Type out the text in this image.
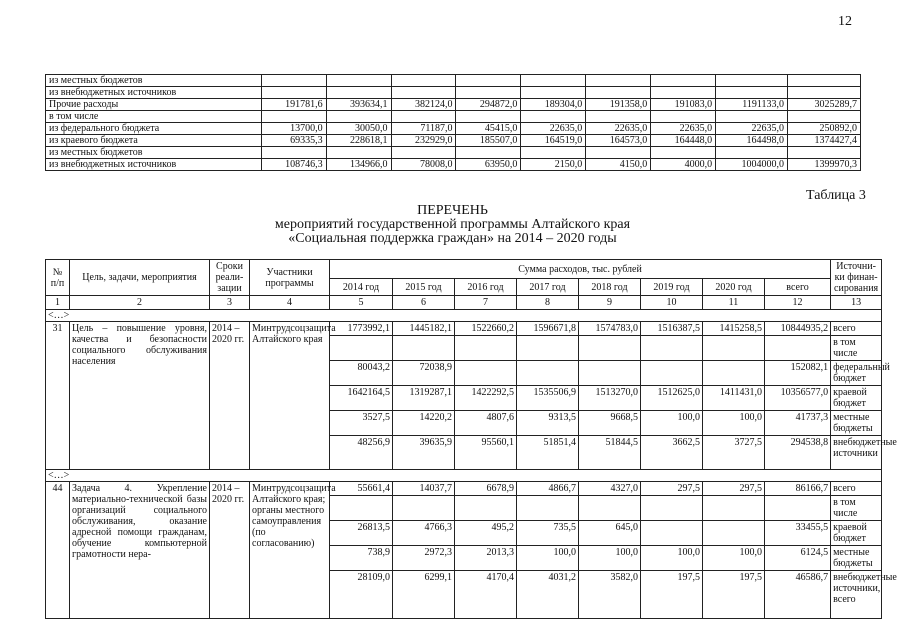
12
из местных бюджетов									
из внебюджетных источников									
Прочие расходы	191781,6	393634,1	382124,0	294872,0	189304,0	191358,0	191083,0	1191133,0	3025289,7
в том числе									
из федерального бюджета	13700,0	30050,0	71187,0	45415,0	22635,0	22635,0	22635,0	22635,0	250892,0
из краевого бюджета	69335,3	228618,1	232929,0	185507,0	164519,0	164573,0	164448,0	164498,0	1374427,4
из местных бюджетов									
из внебюджетных источников	108746,3	134966,0	78008,0	63950,0	2150,0	4150,0	4000,0	1004000,0	1399970,3
Таблица 3
ПЕРЕЧЕНЬ
мероприятий государственной программы Алтайского края
«Социальная поддержка граждан» на 2014 – 2020 годы
№ п/п	Цель, задачи, мероприятия	Сроки реали-зации	Участники программы	Сумма расходов, тыс. рублей								Источни-ки финан-сирования
				2014 год	2015 год	2016 год	2017 год	2018 год	2019 год	2020 год	всего	
1	2	3	4	5	6	7	8	9	10	11	12	13
<…>												
31	Цель – повышение уровня, качества и безопасности социального обслуживания населения	2014 – 2020 гг.	Минтрудсоцзащита Алтайского края	1773992,1	1445182,1	1522660,2	1596671,8	1574783,0	1516387,5	1415258,5	10844935,2	всего
												в том числе
				80043,2	72038,9						152082,1	федеральный бюджет
				1642164,5	1319287,1	1422292,5	1535506,9	1513270,0	1512625,0	1411431,0	10356577,0	краевой бюджет
				3527,5	14220,2	4807,6	9313,5	9668,5	100,0	100,0	41737,3	местные бюджеты
				48256,9	39635,9	95560,1	51851,4	51844,5	3662,5	3727,5	294538,8	внебюджетные источники
<…>												
44	Задача 4. Укрепление материально-технической базы организаций социального обслуживания, оказание адресной помощи гражданам, обучение компьютерной грамотности нера-	2014 – 2020 гг.	Минтрудсоцзащита Алтайского края; органы местного самоуправления (по согласованию)	55661,4	14037,7	6678,9	4866,7	4327,0	297,5	297,5	86166,7	всего
												в том числе
				26813,5	4766,3	495,2	735,5	645,0			33455,5	краевой бюджет
				738,9	2972,3	2013,3	100,0	100,0	100,0	100,0	6124,5	местные бюджеты
				28109,0	6299,1	4170,4	4031,2	3582,0	197,5	197,5	46586,7	внебюджетные источники, всего
